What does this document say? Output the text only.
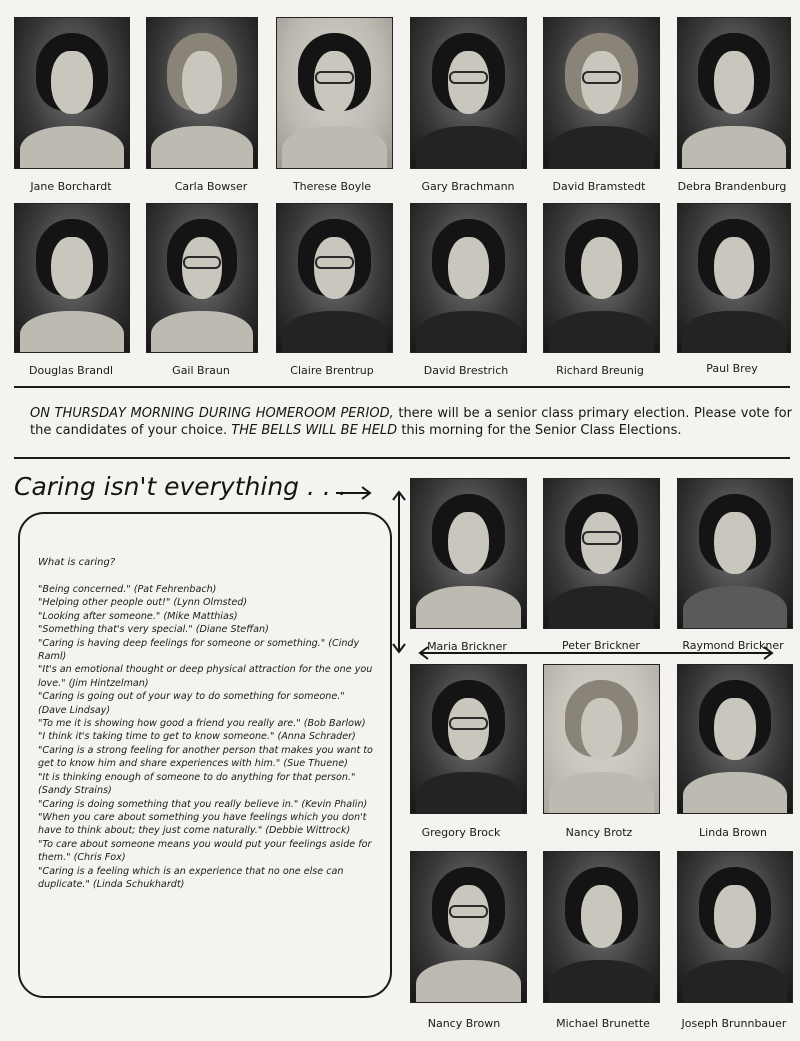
Jane Borchardt	Carla Bowser	Therese Boyle	Gary Brachmann	David Bramstedt	Debra Brandenburg
Douglas Brandl	Gail Braun	Claire Brentrup	David Brestrich	Richard Breunig	Paul Brey
ON THURSDAY MORNING DURING HOMEROOM PERIOD, there will be a senior class primary election. Please vote for the candidates of your choice. THE BELLS WILL BE HELD this morning for the Senior Class Elections.
Caring isn't everything . . .
What is caring?
"Being concerned." (Pat Fehrenbach)
"Helping other people out!" (Lynn Olmsted)
"Looking after someone." (Mike Matthias)
"Something that's very special." (Diane Steffan)
"Caring is having deep feelings for someone or something." (Cindy Raml)
"It's an emotional thought or deep physical attraction for the one you love." (Jim Hintzelman)
"Caring is going out of your way to do something for someone." (Dave Lindsay)
"To me it is showing how good a friend you really are." (Bob Barlow)
"I think it's taking time to get to know someone." (Anna Schrader)
"Caring is a strong feeling for another person that makes you want to get to know him and share experiences with him." (Sue Thuene)
"It is thinking enough of someone to do anything for that person." (Sandy Strains)
"Caring is doing something that you really believe in." (Kevin Phalin)
"When you care about something you have feelings which you don't have to think about; they just come naturally." (Debbie Wittrock)
"To care about someone means you would put your feelings aside for them." (Chris Fox)
"Caring is a feeling which is an experience that no one else can duplicate." (Linda Schukhardt)
Maria Brickner	Peter Brickner	Raymond Brickner
Gregory Brock	Nancy Brotz	Linda Brown
Nancy Brown	Michael Brunette	Joseph Brunnbauer
